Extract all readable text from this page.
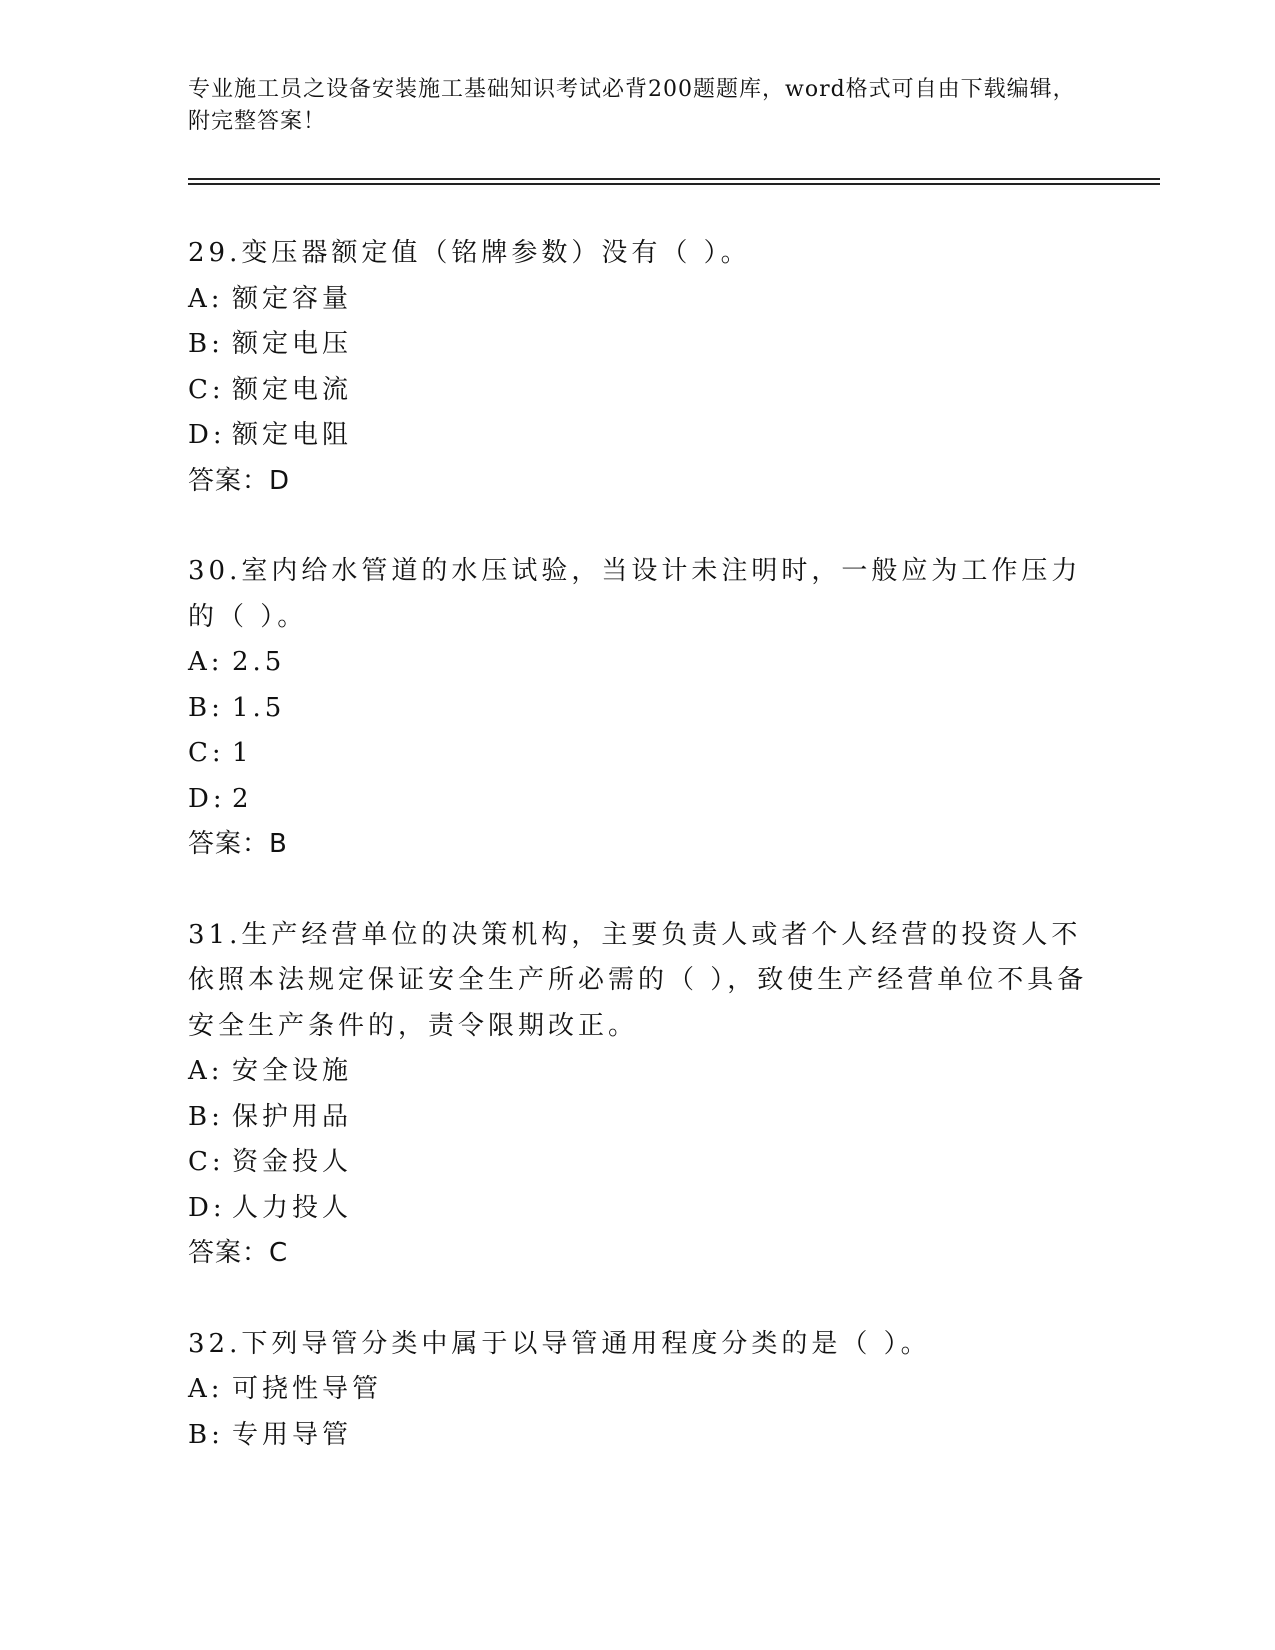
专业施工员之设备安装施工基础知识考试必背200题题库，word格式可自由下载编辑，附完整答案！
29.变压器额定值（铭牌参数）没有（ ）。
A: 额定容量
B: 额定电压
C: 额定电流
D: 额定电阻
答案：D
30.室内给水管道的水压试验，当设计未注明时，一般应为工作压力的（ ）。
A: 2.5
B: 1.5
C: 1
D: 2
答案：B
31.生产经营单位的决策机构，主要负责人或者个人经营的投资人不依照本法规定保证安全生产所必需的（ ），致使生产经营单位不具备安全生产条件的，责令限期改正。
A: 安全设施
B: 保护用品
C: 资金投人
D: 人力投人
答案：C
32.下列导管分类中属于以导管通用程度分类的是（ ）。
A: 可挠性导管
B: 专用导管
